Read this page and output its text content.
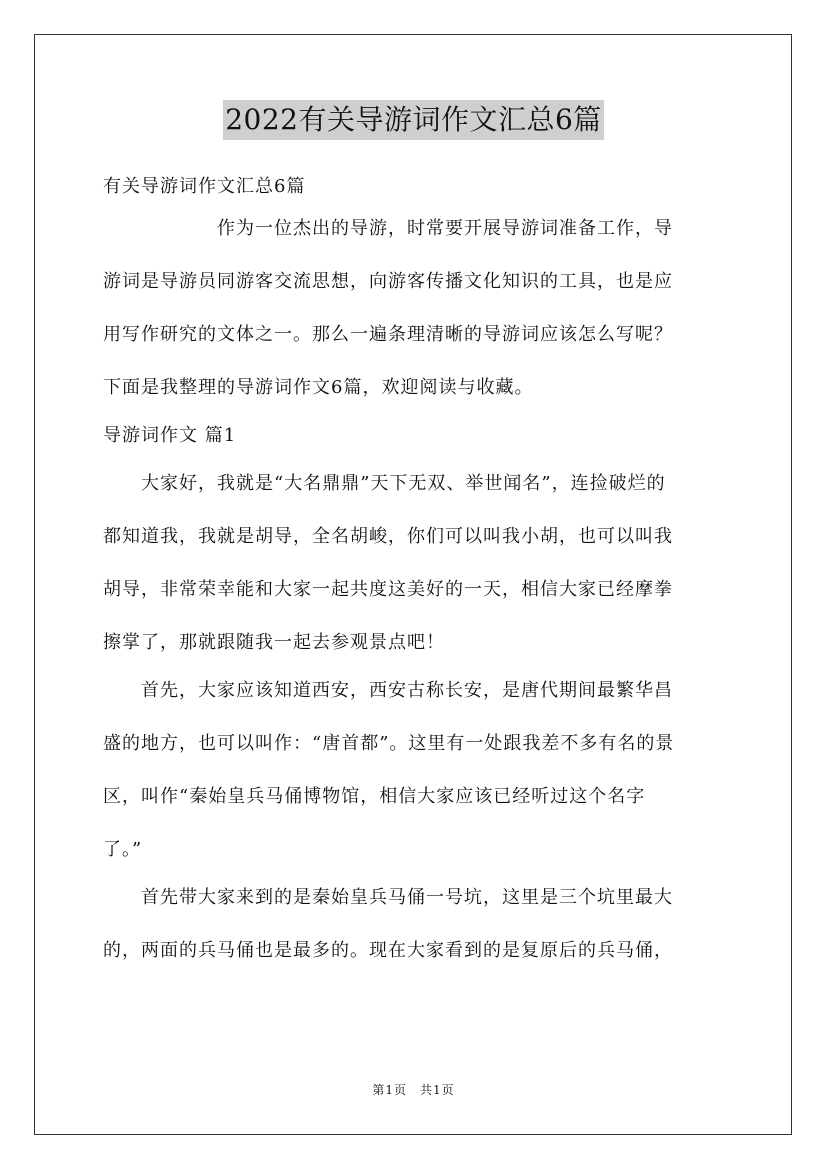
2022有关导游词作文汇总6篇
有关导游词作文汇总6篇
　　　　　　作为一位杰出的导游，时常要开展导游词准备工作，导
游词是导游员同游客交流思想，向游客传播文化知识的工具，也是应
用写作研究的文体之一。那么一遍条理清晰的导游词应该怎么写呢？
下面是我整理的导游词作文6篇，欢迎阅读与收藏。
导游词作文 篇1
　　大家好，我就是“大名鼎鼎”天下无双、举世闻名”，连捡破烂的
都知道我，我就是胡导，全名胡峻，你们可以叫我小胡，也可以叫我
胡导，非常荣幸能和大家一起共度这美好的一天，相信大家已经摩拳
擦掌了，那就跟随我一起去参观景点吧！
　　首先，大家应该知道西安，西安古称长安，是唐代期间最繁华昌
盛的地方，也可以叫作：“唐首都”。这里有一处跟我差不多有名的景
区，叫作“秦始皇兵马俑博物馆，相信大家应该已经听过这个名字
了。”
　　首先带大家来到的是秦始皇兵马俑一号坑，这里是三个坑里最大
的，两面的兵马俑也是最多的。现在大家看到的是复原后的兵马俑，
第1页　共1页
